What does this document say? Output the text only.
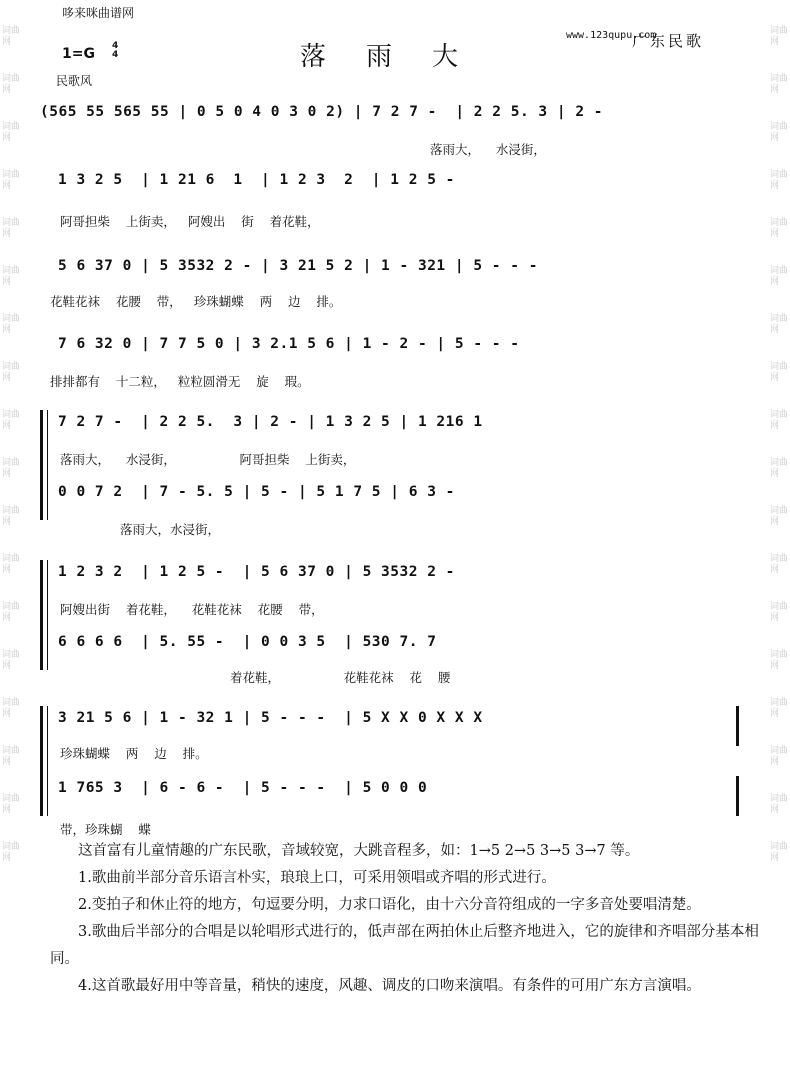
词曲网
词曲网
词曲网
词曲网
词曲网
词曲网
词曲网
词曲网
词曲网
词曲网
词曲网
词曲网
词曲网
词曲网
词曲网
词曲网
词曲网
词曲网
词曲网
词曲网
词曲网
词曲网
词曲网
词曲网
词曲网
词曲网
词曲网
词曲网
词曲网
词曲网
词曲网
词曲网
词曲网
词曲网
词曲网
词曲网
哆来咪曲谱网
www.123qupu.com
广东民歌
落雨大
1=G 4
4
民歌风
(565 55 565 55 | 0 5 0 4 0 3 0 2) | 7 2 7 -  | 2 2 5. 3 | 2 -
落雨大，    水浸街，
1 3 2 5  | 1 21 6  1  | 1 2 3  2  | 1 2 5 -
阿哥担柴    上街卖，   阿嫂出    街    着花鞋，
5 6 37 0 | 5 3532 2 - | 3 21 5 2 | 1 - 321 | 5 - - -
花鞋花袜    花腰    带，   珍珠蝴蝶    两    边    排。
7 6 32 0 | 7 7 5 0 | 3 2.1 5 6 | 1 - 2 - | 5 - - -
排排都有    十二粒，   粒粒圆滑无    旋    瑕。
7 2 7 -  | 2 2 5.  3 | 2 - | 1 3 2 5 | 1 216 1
落雨大，    水浸街，                阿哥担柴    上街卖，
0 0 7 2  | 7 - 5. 5 | 5 - | 5 1 7 5 | 6 3 -
落雨大，水浸街，
1 2 3 2  | 1 2 5 -  | 5 6 37 0 | 5 3532 2 -
阿嫂出街    着花鞋，    花鞋花袜    花腰    带，
6 6 6 6  | 5. 55 -  | 0 0 3 5  | 530 7. 7
着花鞋，                花鞋花袜    花    腰
3 21 5 6 | 1 - 32 1 | 5 - - -  | 5 X X 0 X X X
珍珠蝴蝶    两    边    排。
1 765 3  | 6 - 6 -  | 5 - - -  | 5 0 0 0
带，珍珠蝴    蝶

这首富有儿童情趣的广东民歌，音域较宽，大跳音程多，如：1→5 2→5 3→5 3→7 等。

1.歌曲前半部分音乐语言朴实，琅琅上口，可采用领唱或齐唱的形式进行。

2.变拍子和休止符的地方，句逗要分明，力求口语化，由十六分音符组成的一字多音处要唱清楚。

3.歌曲后半部分的合唱是以轮唱形式进行的，低声部在两拍休止后整齐地进入，它的旋律和齐唱部分基本相同。

4.这首歌最好用中等音量，稍快的速度，风趣、调皮的口吻来演唱。有条件的可用广东方言演唱。
